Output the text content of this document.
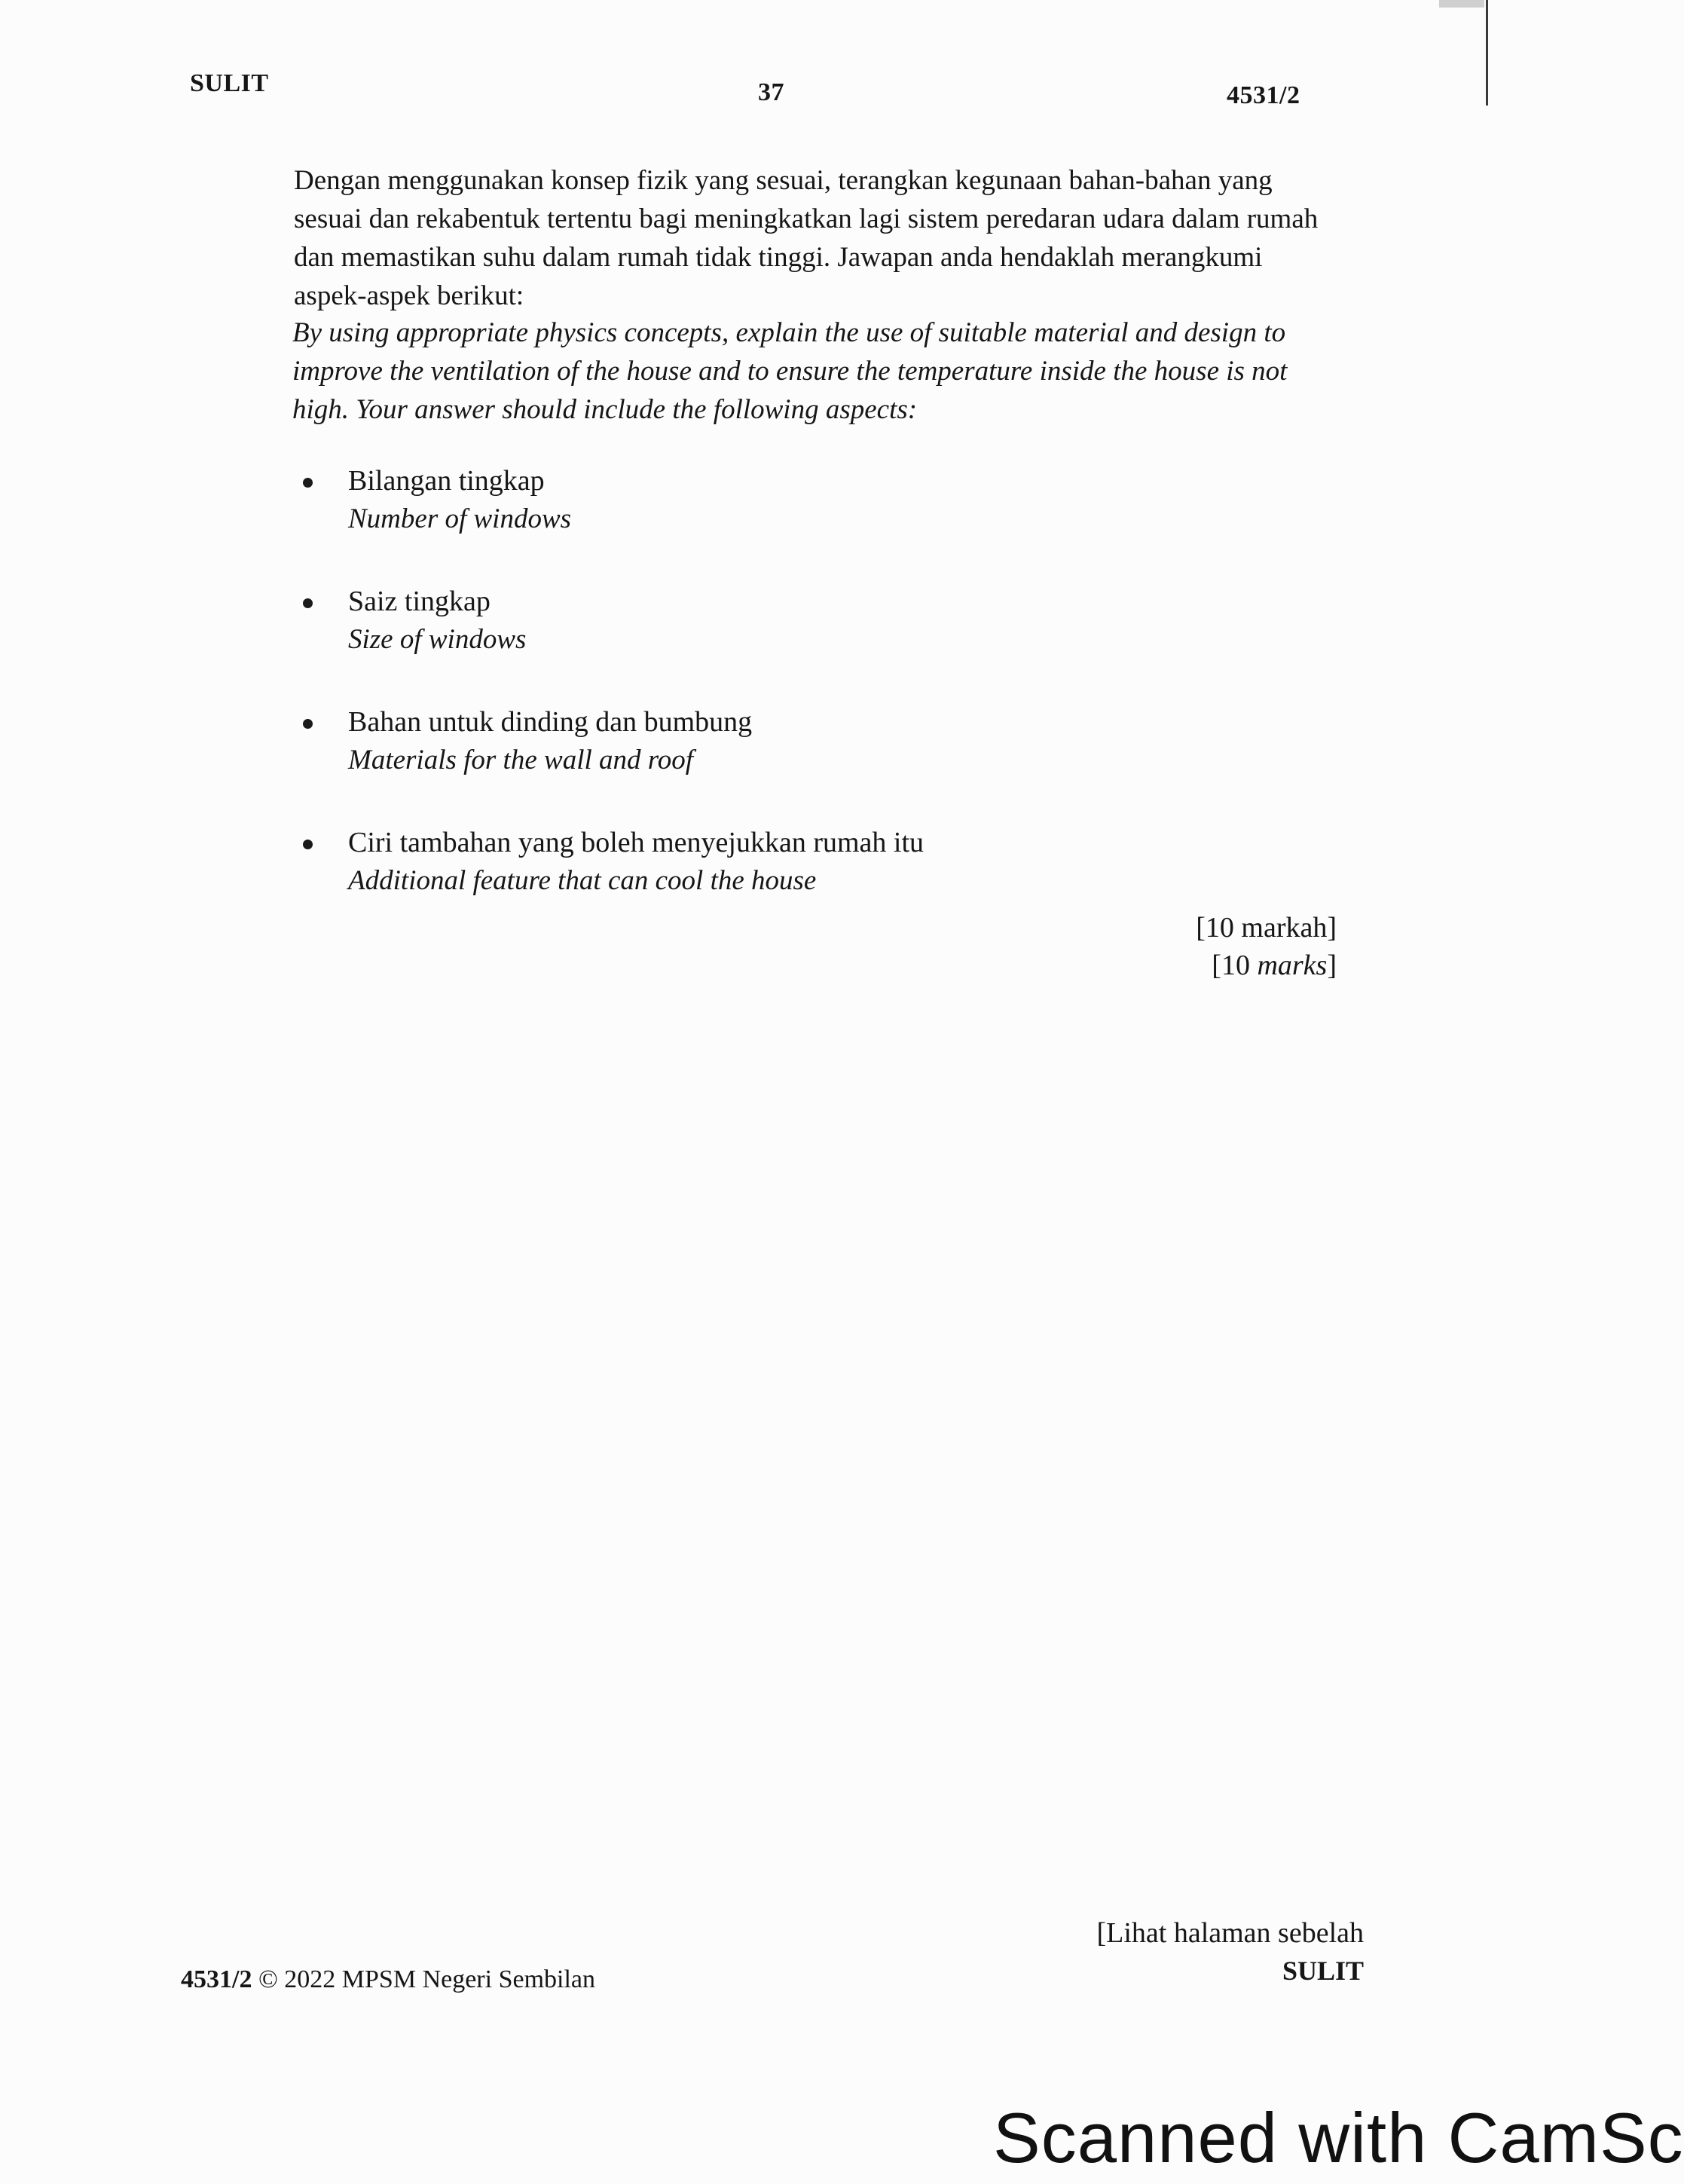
SULIT	37	4531/2
Dengan menggunakan konsep fizik yang sesuai, terangkan kegunaan bahan-bahan yang sesuai dan rekabentuk tertentu bagi meningkatkan lagi sistem peredaran udara dalam rumah dan memastikan suhu dalam rumah tidak tinggi. Jawapan anda hendaklah merangkumi aspek-aspek berikut:
By using appropriate physics concepts, explain the use of suitable material and design to improve the ventilation of the house and to ensure the temperature inside the house is not high. Your answer should include the following aspects:
Bilangan tingkap
Number of windows
Saiz tingkap
Size of windows
Bahan untuk dinding dan bumbung
Materials for the wall and roof
Ciri tambahan yang boleh menyejukkan rumah itu
Additional feature that can cool the house
[10 markah]
[10 marks]
[Lihat halaman sebelah
SULIT
4531/2 © 2022 MPSM Negeri Sembilan
Scanned with CamSc
